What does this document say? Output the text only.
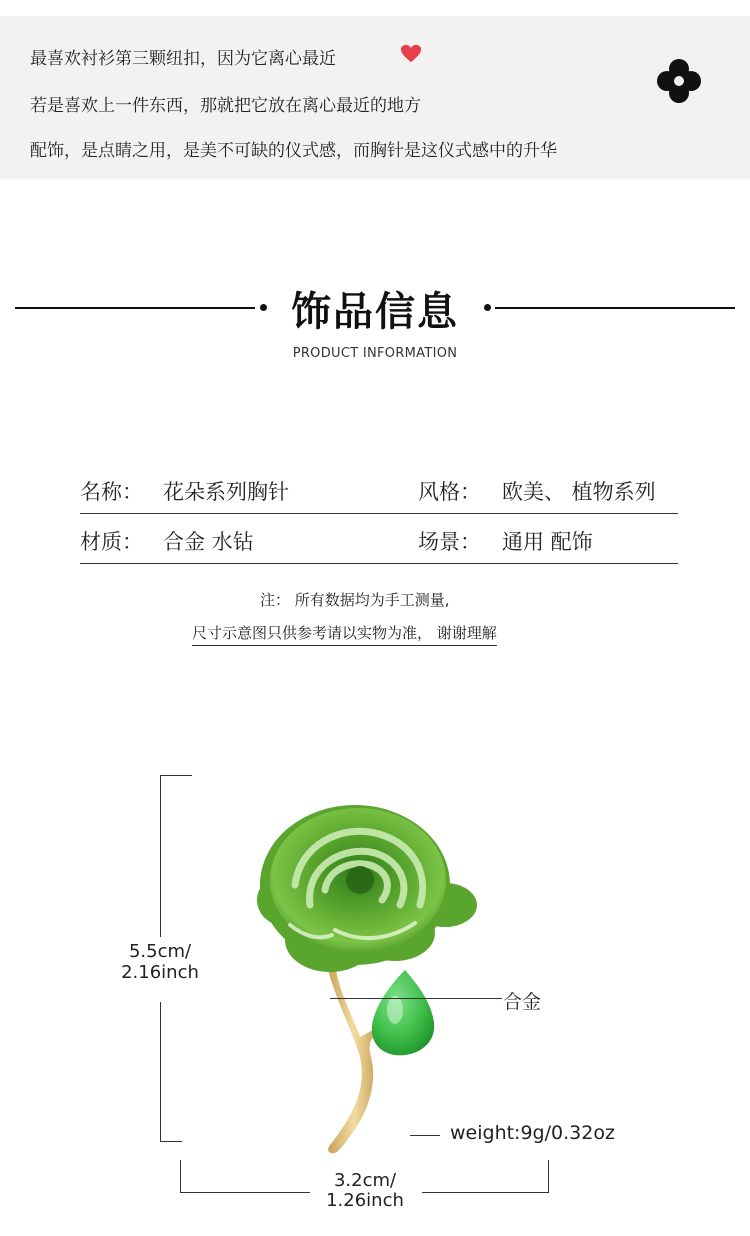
最喜欢衬衫第三颗纽扣，因为它离心最近
若是喜欢上一件东西，那就把它放在离心最近的地方
配饰，是点睛之用，是美不可缺的仪式感，而胸针是这仪式感中的升华
饰品信息
PRODUCT INFORMATION
名称： 花朵系列胸针	风格： 欧美、 植物系列
材质： 合金 水钻	场景： 通用 配饰
注： 所有数据均为手工测量,
尺寸示意图只供参考请以实物为准， 谢谢理解
5.5cm/
2.16inch
合金
weight:9g/0.32oz
3.2cm/
1.26inch
